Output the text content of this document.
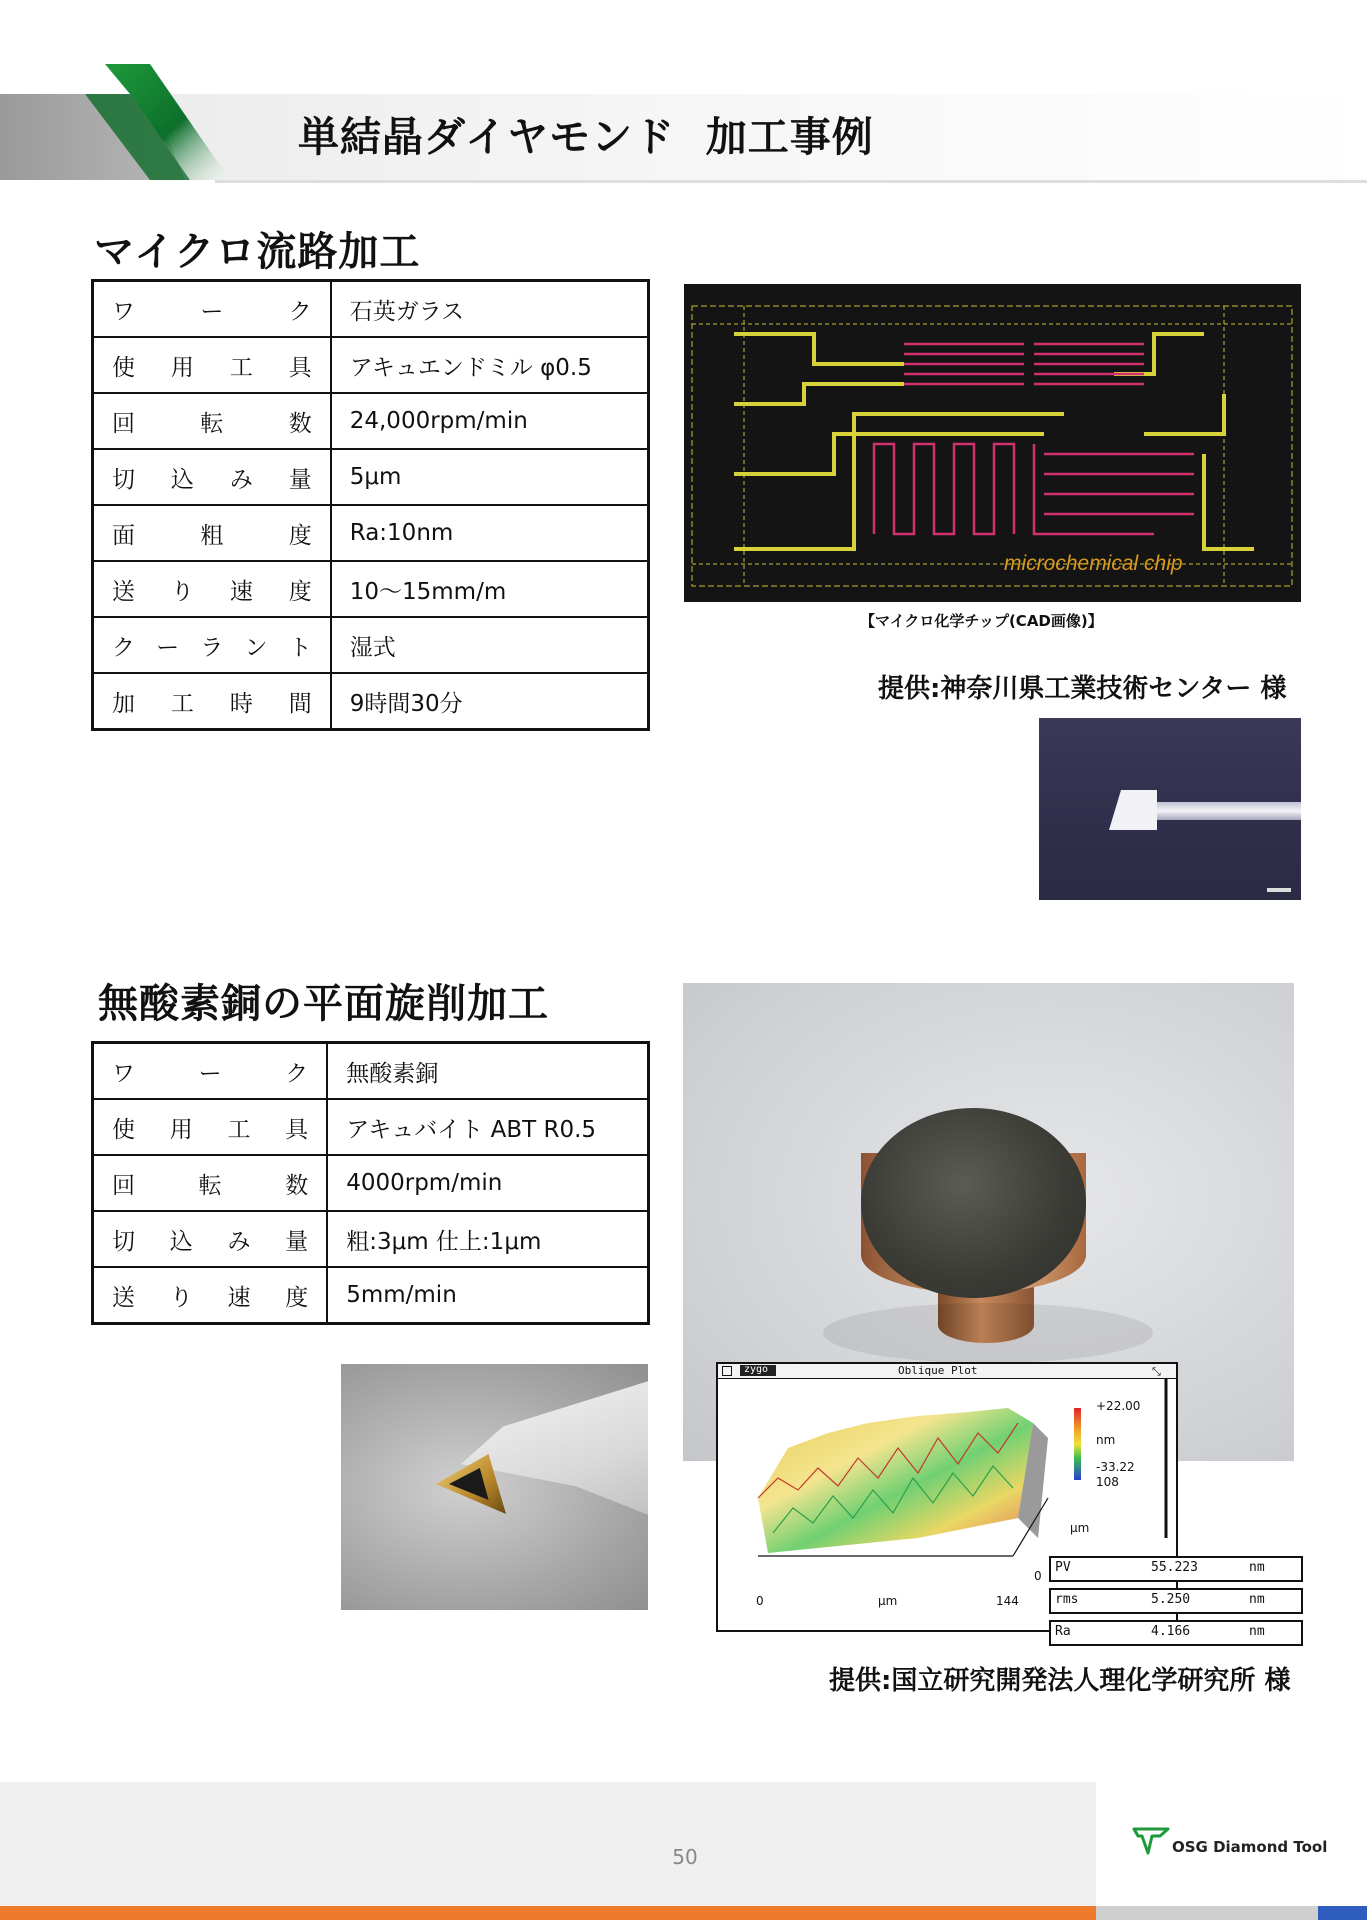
単結晶ダイヤモンド  加工事例
マイクロ流路加工
ワ ー ク	石英ガラス

使 用 工 具	アキュエンドミル φ0.5

回 転 数	24,000rpm/min

切 込 み 量	5μm

面 粗 度	Ra:10nm

送 り 速 度	10～15mm/m

ク ー ラ ン ト	湿式

加 工 時 間	9時間30分
microchemical chip
【マイクロ化学チップ(CAD画像)】
提供:神奈川県工業技術センター 様
無酸素銅の平面旋削加工
ワ ー ク	無酸素銅

使 用 工 具	アキュバイト ABT R0.5

回 転 数	4000rpm/min

切 込 み 量	粗:3μm 仕上:1μm

送 り 速 度	5mm/min
zygo	Oblique Plot	⤡
+22.00
nm
-33.22
108
μm
0
0	μm	144
PV	55.223	nm
rms	5.250	nm
Ra	4.166	nm
提供:国立研究開発法人理化学研究所 様
50	OSG Diamond Tool
